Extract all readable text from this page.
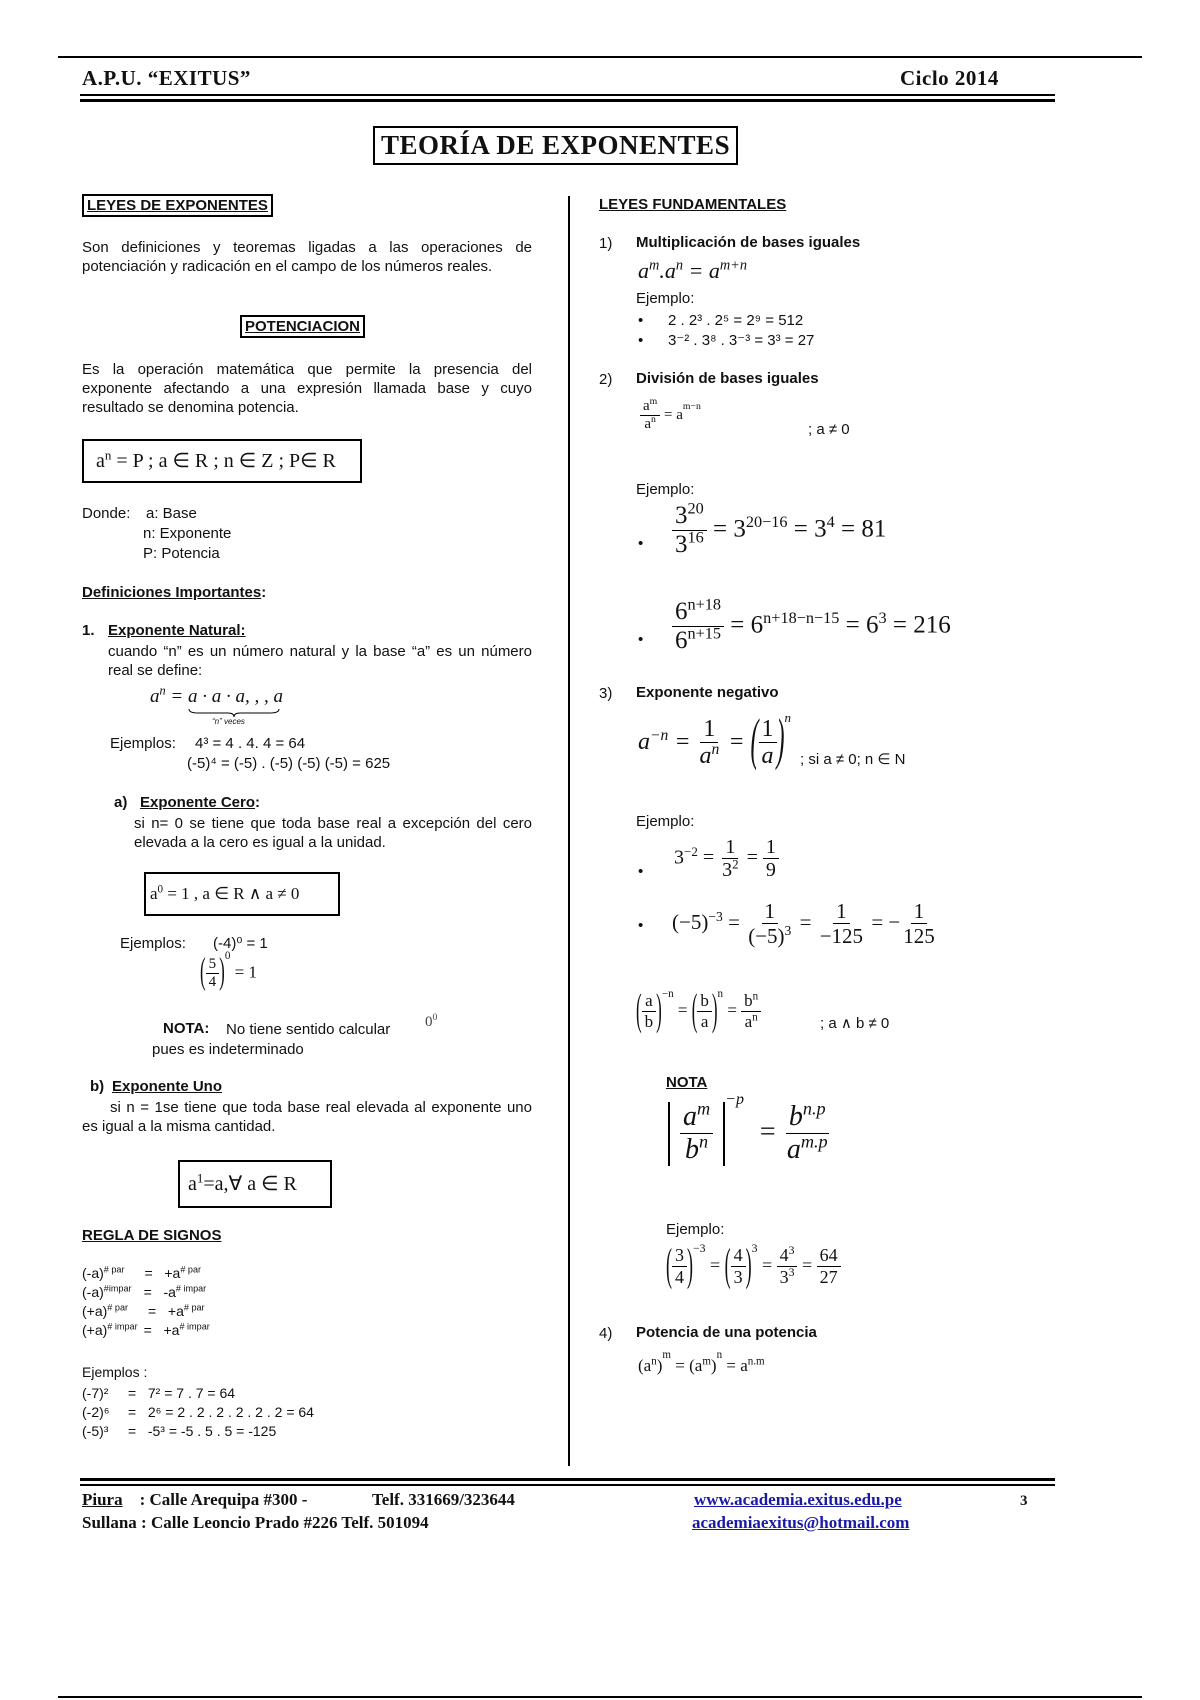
A.P.U. “EXITUS”	Ciclo 2014
TEORÍA DE EXPONENTES
LEYES DE EXPONENTES
Son definiciones y teoremas ligadas a las operaciones de potenciación y radicación en el campo de los números reales.
POTENCIACION
Es la operación matemática que permite la presencia del exponente afectando a una expresión llamada base y cuyo resultado se denomina potencia.
$a^n = P$ ; a ∈ R ; n ∈ Z ; P∈ R
Donde: a: Base
n: Exponente
P: Potencia
Definiciones Importantes:
1. Exponente Natural:
cuando “n” es un número natural y la base “a” es un número real se define:
$a^n = a \cdot a \cdot a$, , , a
“n” veces
Ejemplos: 4³ = 4 . 4. 4 = 64
(-5)⁴ = (-5) . (-5) (-5) (-5) = 625
a) Exponente Cero:
si n= 0 se tiene que toda base real a excepción del cero elevada a la cero es igual a la unidad.
$a^0 = 1$ , a ∈ R ∧ a ≠ 0
Ejemplos: (-4)⁰ = 1
( $\frac{5}{4} )^0 = 1$
NOTA: No tiene sentido calcular $0^0$
pues es indeterminado
b) Exponente Uno
si n = 1se tiene que toda base real elevada al exponente uno es igual a la misma cantidad.
$a^1=a,\forall$ a ∈ R
REGLA DE SIGNOS
$(-a)^{\# par} = +a^{\# par}$
$(-a)^{\#impar} = -a^{\# impar}$
$(+a)^{\# par} = +a^{\# par}$
$(+a)^{\# impar} = +a^{\# impar}$
Ejemplos :
(-7)² =   7² = 7 . 7 = 64
(-2)⁶ =   2⁶ = 2 . 2 . 2 . 2 . 2 . 2 = 64
(-5)³ =   -5³ = -5 . 5 . 5 = -125
LEYES FUNDAMENTALES
1) Multiplicación de bases iguales
$a^m.a^n = a^{m+n}$
Ejemplo:
• 2 . 2³ . 2⁵ = 2⁹ = 512
• 3⁻² . 3⁸ . 3⁻³ = 3³ = 27
2) División de bases iguales
$\frac{a^m}{a^n} = a^{m-n}$
; a ≠ 0
Ejemplo:
• $\frac{3^{20}}{3^{16}} = 3^{20-16} = 3^4 = 81$
• $\frac{6^{n+18}}{6^{n+15}} = 6^{n+18-n-15} = 6^3 = 216$
3) Exponente negativo
$a^{-n} = \frac{1}{a^n}$ = ( $\frac{1}{a} )^n$
; si a ≠ 0; n ∈ N
Ejemplo:
•
$3^{-2} = \frac{1}{3^2} = \frac{1}{9}$
• $(-5)^{-3} = \frac{1}{(-5)^3} = \frac{1}{-125}$ = − $\frac{1}{125}$
( $\frac{a}{b} )^{-n}$ = ( $\frac{b}{a} )^n = \frac{b^n}{a^n}$	; a ∧ b ≠ 0
NOTA
$\frac{a^m}{b^n}$
$^{-p} = \frac{b^{n.p}}{a^{m.p}}$
Ejemplo:
( $\frac{3}{4} )^{-3}$ = ( $\frac{4}{3} )^3 = \frac{4^3}{3^3} = \frac{64}{27}$
4) Potencia de una potencia
$(a^n)^m = (a^m)^n = a^{n.m}$
Piura : Calle Arequipa #300 -	Telf. 331669/323644
Sullana : Calle Leoncio Prado #226 Telf. 501094
www.academia.exitus.edu.pe
academiaexitus@hotmail.com
3
